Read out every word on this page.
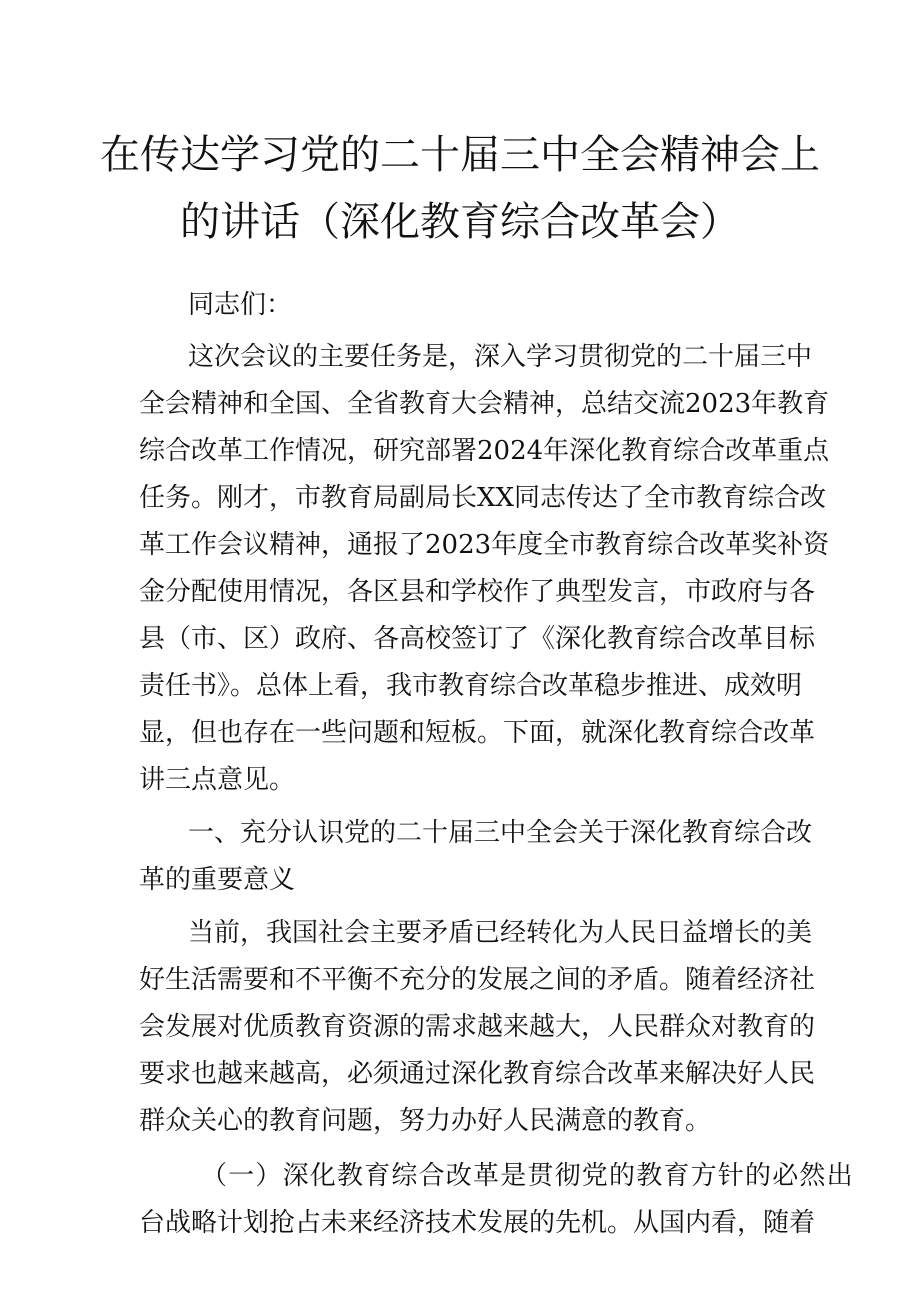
在传达学习党的二十届三中全会精神会上
的讲话（深化教育综合改革会）
同志们：
这次会议的主要任务是，深入学习贯彻党的二十届三中
全会精神和全国、全省教育大会精神，总结交流2023年教育
综合改革工作情况，研究部署2024年深化教育综合改革重点
任务。刚才，市教育局副局长XX同志传达了全市教育综合改
革工作会议精神，通报了2023年度全市教育综合改革奖补资
金分配使用情况，各区县和学校作了典型发言，市政府与各
县（市、区）政府、各高校签订了《深化教育综合改革目标
责任书》。总体上看，我市教育综合改革稳步推进、成效明
显，但也存在一些问题和短板。下面，就深化教育综合改革
讲三点意见。
一、充分认识党的二十届三中全会关于深化教育综合改
革的重要意义
当前，我国社会主要矛盾已经转化为人民日益增长的美
好生活需要和不平衡不充分的发展之间的矛盾。随着经济社
会发展对优质教育资源的需求越来越大，人民群众对教育的
要求也越来越高，必须通过深化教育综合改革来解决好人民
群众关心的教育问题，努力办好人民满意的教育。
（一）深化教育综合改革是贯彻党的教育方针的必然出
台战略计划抢占未来经济技术发展的先机。从国内看，随着
